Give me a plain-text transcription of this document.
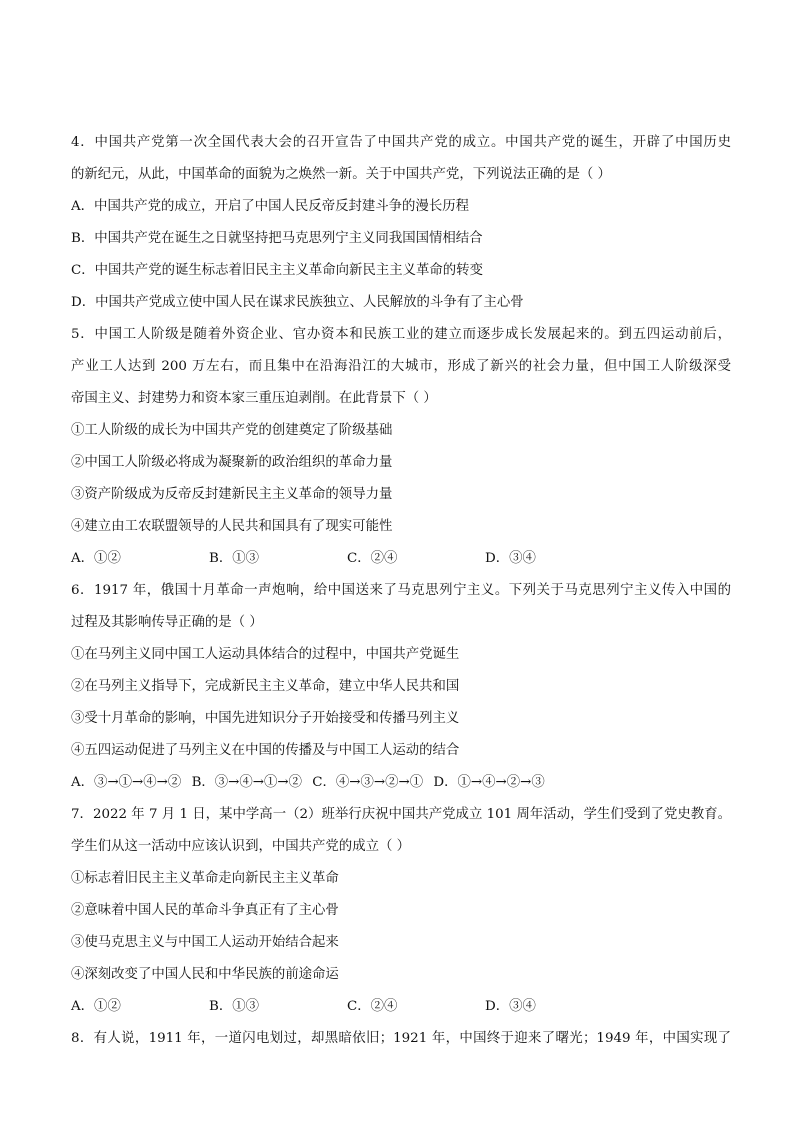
4．中国共产党第一次全国代表大会的召开宣告了中国共产党的成立。中国共产党的诞生，开辟了中国历史
的新纪元，从此，中国革命的面貌为之焕然一新。关于中国共产党，下列说法正确的是（ ）
A．中国共产党的成立，开启了中国人民反帝反封建斗争的漫长历程
B．中国共产党在诞生之日就坚持把马克思列宁主义同我国国情相结合
C．中国共产党的诞生标志着旧民主主义革命向新民主主义革命的转变
D．中国共产党成立使中国人民在谋求民族独立、人民解放的斗争有了主心骨
5．中国工人阶级是随着外资企业、官办资本和民族工业的建立而逐步成长发展起来的。到五四运动前后，
产业工人达到 200 万左右，而且集中在沿海沿江的大城市，形成了新兴的社会力量，但中国工人阶级深受
帝国主义、封建势力和资本家三重压迫剥削。在此背景下（ ）
①工人阶级的成长为中国共产党的创建奠定了阶级基础
②中国工人阶级必将成为凝聚新的政治组织的革命力量
③资产阶级成为反帝反封建新民主主义革命的领导力量
④建立由工农联盟领导的人民共和国具有了现实可能性
A．①②	B．①③	C．②④	D．③④
6．1917 年，俄国十月革命一声炮响，给中国送来了马克思列宁主义。下列关于马克思列宁主义传入中国的
过程及其影响传导正确的是（ ）
①在马列主义同中国工人运动具体结合的过程中，中国共产党诞生
②在马列主义指导下，完成新民主主义革命，建立中华人民共和国
③受十月革命的影响，中国先进知识分子开始接受和传播马列主义
④五四运动促进了马列主义在中国的传播及与中国工人运动的结合
A．③→①→④→② B．③→④→①→② C．④→③→②→① D．①→④→②→③
7．2022 年 7 月 1 日，某中学高一（2）班举行庆祝中国共产党成立 101 周年活动，学生们受到了党史教育。
学生们从这一活动中应该认识到，中国共产党的成立（ ）
①标志着旧民主主义革命走向新民主主义革命
②意味着中国人民的革命斗争真正有了主心骨
③使马克思主义与中国工人运动开始结合起来
④深刻改变了中国人民和中华民族的前途命运
A．①②	B．①③	C．②④	D．③④
8．有人说，1911 年，一道闪电划过，却黑暗依旧；1921 年，中国终于迎来了曙光；1949 年，中国实现了
